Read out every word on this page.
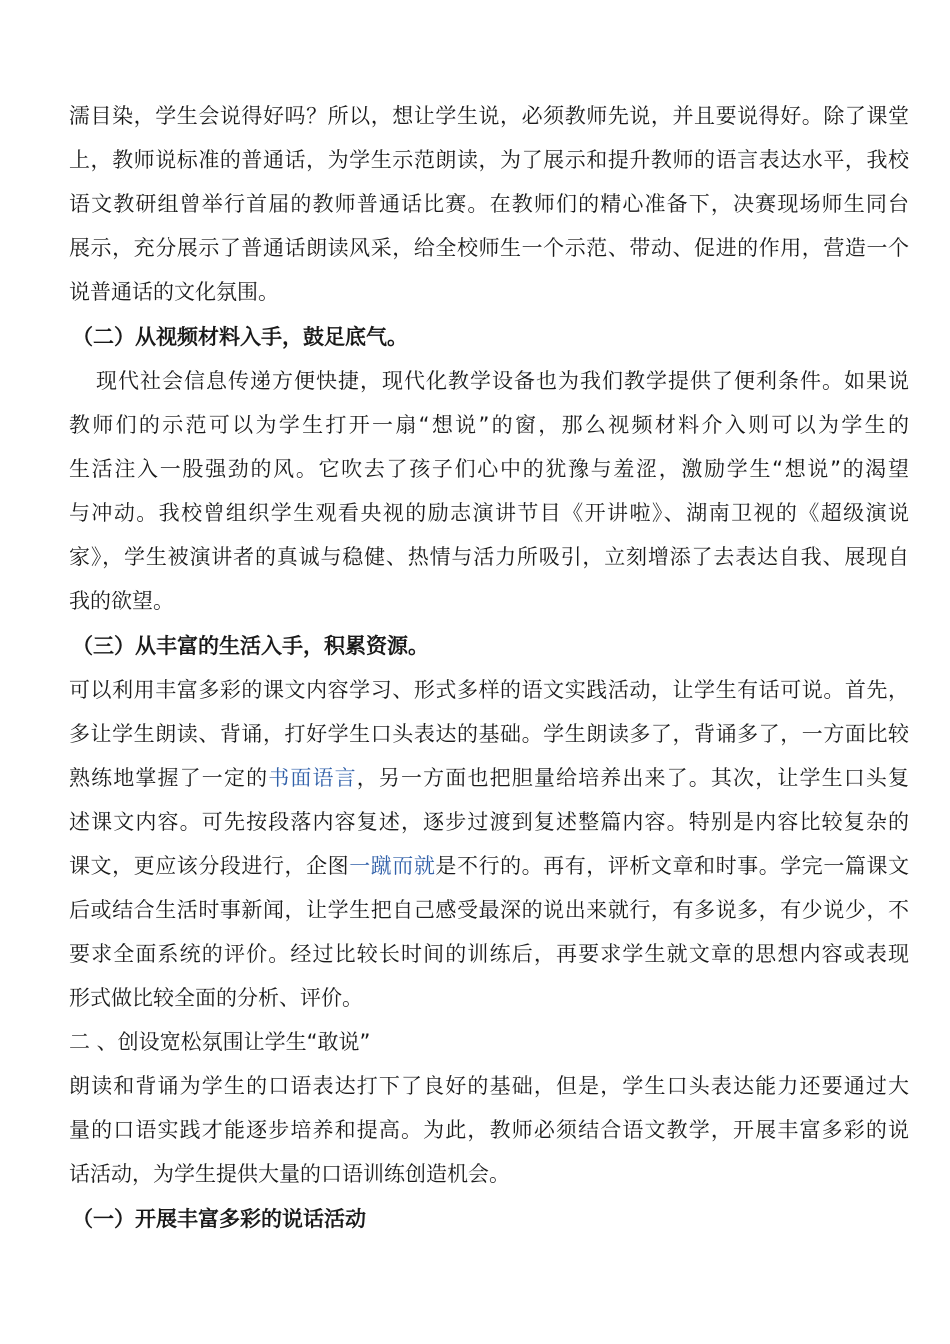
濡目染，学生会说得好吗？所以，想让学生说，必须教师先说，并且要说得好。除了课堂
上，教师说标准的普通话，为学生示范朗读，为了展示和提升教师的语言表达水平，我校
语文教研组曾举行首届的教师普通话比赛。在教师们的精心准备下，决赛现场师生同台
展示，充分展示了普通话朗读风采，给全校师生一个示范、带动、促进的作用，营造一个
说普通话的文化氛围。
（二）从视频材料入手，鼓足底气。
现代社会信息传递方便快捷，现代化教学设备也为我们教学提供了便利条件。如果说
教师们的示范可以为学生打开一扇“想说”的窗，那么视频材料介入则可以为学生的
生活注入一股强劲的风。它吹去了孩子们心中的犹豫与羞涩，激励学生“想说”的渴望
与冲动。我校曾组织学生观看央视的励志演讲节目《开讲啦》、湖南卫视的《超级演说
家》，学生被演讲者的真诚与稳健、热情与活力所吸引，立刻增添了去表达自我、展现自
我的欲望。
（三）从丰富的生活入手，积累资源。
可以利用丰富多彩的课文内容学习、形式多样的语文实践活动，让学生有话可说。首先，
多让学生朗读、背诵，打好学生口头表达的基础。学生朗读多了，背诵多了，一方面比较
熟练地掌握了一定的书面语言，另一方面也把胆量给培养出来了。其次，让学生口头复
述课文内容。可先按段落内容复述，逐步过渡到复述整篇内容。特别是内容比较复杂的
课文，更应该分段进行，企图一蹴而就是不行的。再有，评析文章和时事。学完一篇课文
后或结合生活时事新闻，让学生把自己感受最深的说出来就行，有多说多，有少说少，不
要求全面系统的评价。经过比较长时间的训练后，再要求学生就文章的思想内容或表现
形式做比较全面的分析、评价。
二 、创设宽松氛围让学生“敢说”
朗读和背诵为学生的口语表达打下了良好的基础，但是，学生口头表达能力还要通过大
量的口语实践才能逐步培养和提高。为此，教师必须结合语文教学，开展丰富多彩的说
话活动，为学生提供大量的口语训练创造机会。
（一）开展丰富多彩的说话活动
